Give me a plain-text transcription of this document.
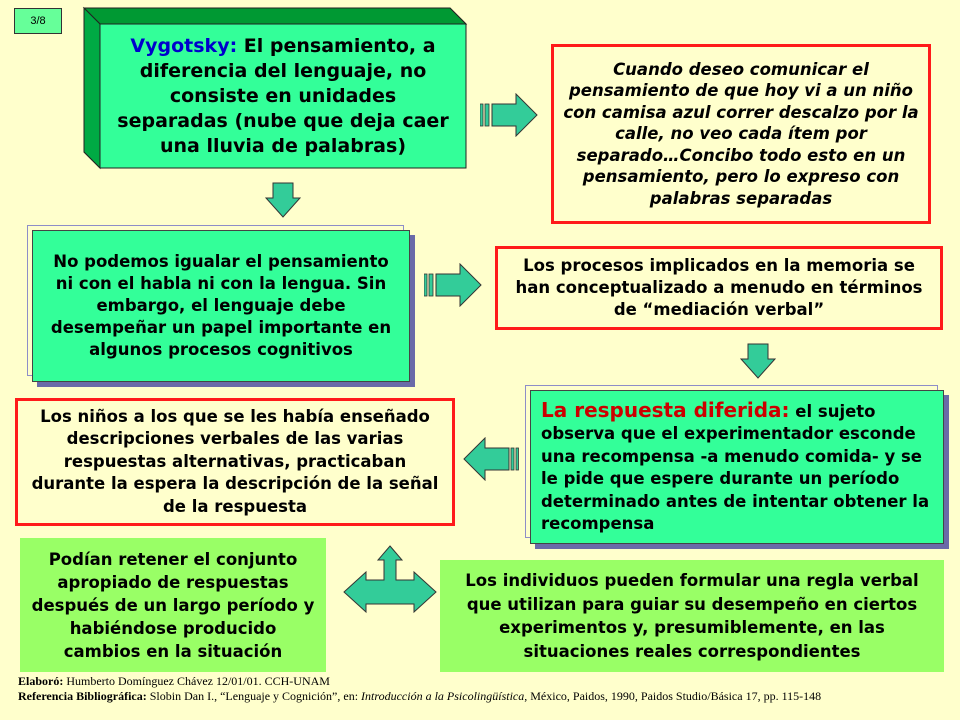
3/8
Vygotsky: El pensamiento, a diferencia del lenguaje, no consiste en unidades separadas (nube que deja caer una lluvia de palabras)
Cuando deseo comunicar el pensamiento de que hoy vi a un niño con camisa azul correr descalzo por la calle, no veo cada ítem por separado…Concibo todo esto en un pensamiento, pero lo expreso con palabras separadas
No podemos igualar el pensamiento ni con el habla ni con la lengua. Sin embargo, el lenguaje debe desempeñar un papel importante en algunos procesos cognitivos
Los procesos implicados en la memoria se han conceptualizado a menudo en términos de “mediación verbal”
La respuesta diferida: el sujeto observa que el experimentador esconde una recompensa -a menudo comida- y se le pide que espere durante un período determinado antes de intentar obtener la recompensa
Los niños a los que se les había enseñado descripciones verbales de las varias respuestas alternativas, practicaban durante la espera la descripción de la señal de la respuesta
Podían retener el conjunto apropiado de respuestas después de un largo período y habiéndose producido cambios en la situación
Los individuos pueden formular una regla verbal que utilizan para guiar su desempeño en ciertos experimentos y, presumiblemente, en las situaciones reales correspondientes
Elaboró: Humberto Domínguez Chávez 12/01/01. CCH-UNAM
Referencia Bibliográfica: Slobin Dan I., “Lenguaje y Cognición”, en: Introducción a la Psicolingüística, México, Paidos, 1990, Paidos Studio/Básica 17, pp. 115-148
